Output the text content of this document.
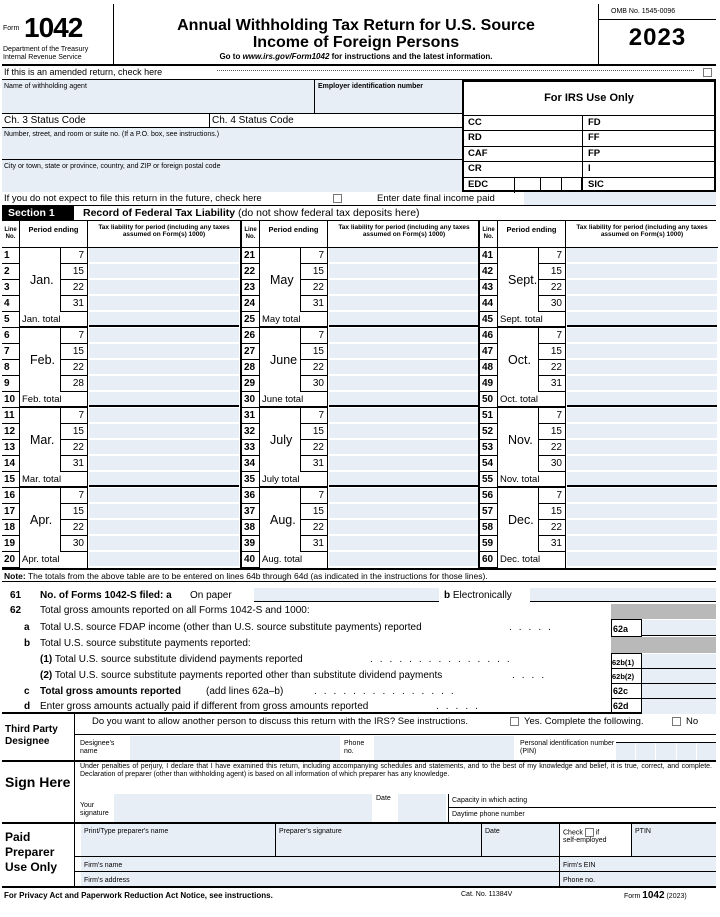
Form 1042
Department of the Treasury
Internal Revenue Service
Annual Withholding Tax Return for U.S. Source
Income of Foreign Persons
Go to www.irs.gov/Form1042 for instructions and the latest information.
OMB No. 1545-0096
2023
If this is an amended return, check here
Name of withholding agent	Employer identification number
Ch. 3 Status Code	Ch. 4 Status Code
Number, street, and room or suite no. (If a P.O. box, see instructions.)
City or town, state or province, country, and ZIP or foreign postal code
For IRS Use Only
CC	FD
RD	FF
CAF	FP
CR	I
EDC	SIC
If you do not expect to file this return in the future, check here	Enter date final income paid
Section 1	Record of Federal Tax Liability (do not show federal tax deposits here)
Line No.
Period ending	Tax liability for period (including any taxes assumed on Form(s) 1000)
Jan.
1	7
2	15
3	22
4	31
5	Jan. total
Feb.
6	7
7	15
8	22
9	28
10 Feb. total
Mar.
11	7
12	15
13	22
14	31
15 Mar. total
Apr.
16	7
17	15
18	22
19	30
20 Apr. total
Line No.
Period ending	Tax liability for period (including any taxes assumed on Form(s) 1000)
May
21	7
22	15
23	22
24	31
25 May total
June
26	7
27	15
28	22
29	30
30 June total
July
31	7
32	15
33	22
34	31
35 July total
Aug.
36	7
37	15
38	22
39	31
40 Aug. total
Line No.
Period ending	Tax liability for period (including any taxes assumed on Form(s) 1000)
Sept.
41	7
42	15
43	22
44	30
45 Sept. total
Oct.
46	7
47	15
48	22
49	31
50 Oct. total
Nov.
51	7
52	15
53	22
54	30
55 Nov. total
Dec.
56	7
57	15
58	22
59	31
60 Dec. total
Note: The totals from the above table are to be entered on lines 64b through 64d (as indicated in the instructions for those lines).
62a
62b(1)
62b(2)
62c
62d
61 No. of Forms 1042-S filed: a On paper	b Electronically
62 Total gross amounts reported on all Forms 1042-S and 1000:
a Total U.S. source FDAP income (other than U.S. source substitute payments) reported	.....
b Total U.S. source substitute payments reported:
(1) Total U.S. source substitute dividend payments reported	...............
(2) Total U.S. source substitute payments reported other than substitute dividend payments	....
c Total gross amounts reported	(add lines 62a–b)	...............
d Enter gross amounts actually paid if different from gross amounts reported	.....
Third Party Designee
Do you want to allow another person to discuss this return with the IRS? See instructions.	Yes. Complete the following.	No
Designee's name
Phone no.
Personal identification number (PIN)
Sign Here
Under penalties of perjury, I declare that I have examined this return, including accompanying schedules and statements, and to the best of my knowledge and belief, it is true, correct, and complete. Declaration of preparer (other than withholding agent) is based on all information of which preparer has any knowledge.
Your signature
Date	Capacity in which acting
Daytime phone number
Paid Preparer Use Only
Print/Type preparer's name	Preparer's signature	Date	Check if
self-employed
PTIN
Firm's name	Firm's EIN
Firm's address	Phone no.
For Privacy Act and Paperwork Reduction Act Notice, see instructions.	Cat. No. 11384V	Form 1042 (2023)
